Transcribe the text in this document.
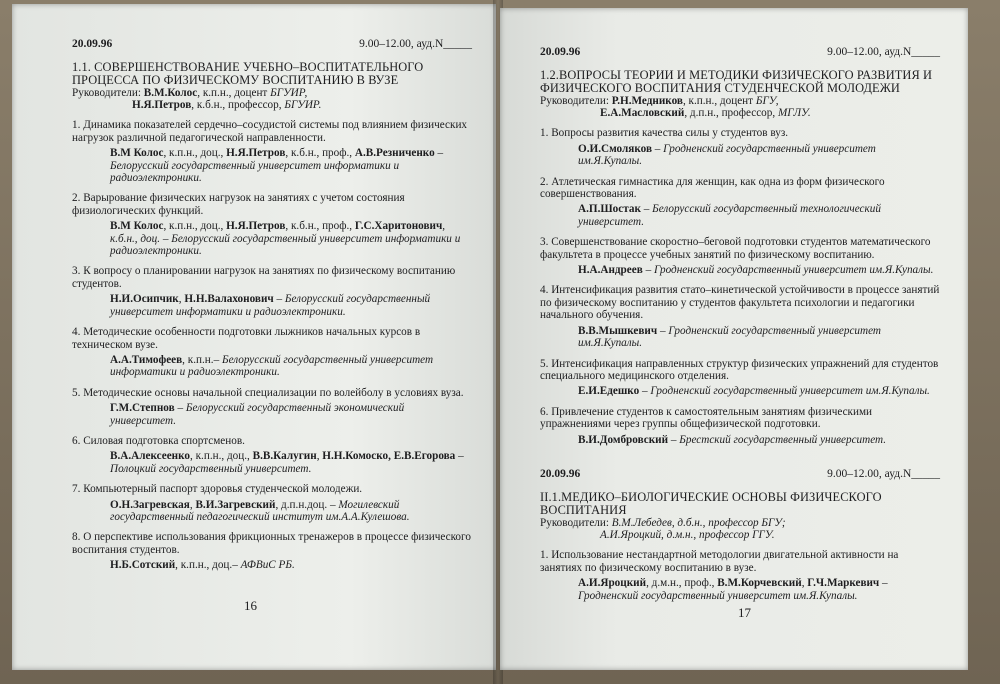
20.09.96	9.00–12.00, ауд.N_____

1.1. СОВЕРШЕНСТВОВАНИЕ УЧЕБНО–ВОСПИТАТЕЛЬНОГО ПРОЦЕССА ПО ФИЗИЧЕСКОМУ ВОСПИТАНИЮ В ВУЗЕ

Руководители: В.М.Колос, к.п.н., доцент БГУИР,

Н.Я.Петров, к.б.н., профессор, БГУИР.

1. Динамика показателей сердечно–сосудистой системы под влиянием физических нагрузок различной педагогической направленности.

В.М Колос, к.п.н., доц., Н.Я.Петров, к.б.н., проф., А.В.Резниченко – Белорусский государственный университет информатики и радиоэлектроники.

2. Варырование физических нагрузок на занятиях с учетом состояния физиологических функций.

В.М Колос, к.п.н., доц., Н.Я.Петров, к.б.н., проф., Г.С.Харитонович, к.б.н., доц. – Белорусский государственный университет информатики и радиоэлектроники.

3. К вопросу о планировании нагрузок на занятиях по физическому воспитанию студентов.

Н.И.Осипчик, Н.Н.Валахонович – Белорусский государственный университет информатики и радиоэлектроники.

4. Методические особенности подготовки лыжников начальных курсов в техническом вузе.

А.А.Тимофеев, к.п.н.– Белорусский государственный университет информатики и радиоэлектроники.

5. Методические основы начальной специализации по волейболу в условиях вуза.

Г.М.Степнов – Белорусский государственный экономический университет.

6. Силовая подготовка спортсменов.

В.А.Алексеенко, к.п.н., доц., В.В.Калугин, Н.Н.Комоско, Е.В.Егорова – Полоцкий государственный университет.

7. Компьютерный паспорт здоровья студенческой молодежи.

О.Н.Загревская, В.И.Загревский, д.п.н.доц. – Могилевский государственный педагогический институт им.А.А.Кулешова.

8. О перспективе использования фрикционных тренажеров в процессе физического воспитания студентов.

Н.Б.Сотский, к.п.н., доц.– АФВиС РБ.

16
20.09.96	9.00–12.00, ауд.N_____

1.2.ВОПРОСЫ ТЕОРИИ И МЕТОДИКИ ФИЗИЧЕСКОГО РАЗВИТИЯ И ФИЗИЧЕСКОГО ВОСПИТАНИЯ СТУДЕНЧЕСКОЙ МОЛОДЕЖИ

Руководители: Р.Н.Медников, к.п.н., доцент БГУ,

Е.А.Масловский, д.п.н., профессор, МГЛУ.

1. Вопросы развития качества силы у студентов вуз.

О.И.Смоляков – Гродненский государственный университет им.Я.Купалы.

2. Атлетическая гимнастика для женщин, как одна из форм физического совершенствования.

А.П.Шостак – Белорусский государственный технологический университет.

3. Совершенствование скоростно–беговой подготовки студентов математического факультета в процессе учебных занятий по физическому воспитанию.

Н.А.Андреев – Гродненский государственный университет им.Я.Купалы.

4. Интенсификация развития стато–кинетической устойчивости в процессе занятий по физическому воспитанию у студентов факультета психологии и педагогики начального обучения.

В.В.Мышкевич – Гродненский государственный университет им.Я.Купалы.

5. Интенсификация направленных структур физических упражнений для студентов специального медицинского отделения.

Е.И.Едешко – Гродненский государственный университет им.Я.Купалы.

6. Привлечение студентов к самостоятельным занятиям физическими упражнениями через группы общефизической подготовки.

В.И.Домбровский – Брестский государственный университет.

20.09.96	9.00–12.00, ауд.N_____

II.1.МЕДИКО–БИОЛОГИЧЕСКИЕ ОСНОВЫ ФИЗИЧЕСКОГО ВОСПИТАНИЯ

Руководители: В.М.Лебедев, д.б.н., профессор БГУ;

А.И.Яроцкий, д.м.н., профессор ГГУ.

1. Использование нестандартной методологии двигательной активности на занятиях по физическому воспитанию в вузе.

А.И.Яроцкий, д.м.н., проф., В.М.Корчевский, Г.Ч.Маркевич – Гродненский государственный университет им.Я.Купалы.

17
